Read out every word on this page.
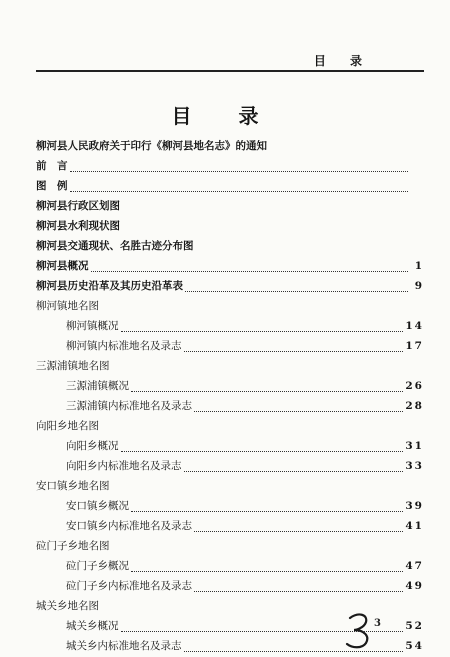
目 录
目 录
柳河县人民政府关于印行《柳河县地名志》的通知
前　言
图　例
柳河县行政区划图
柳河县水利现状图
柳河县交通现状、名胜古迹分布图
柳河县概况	1
柳河县历史沿革及其历史沿革表	9
柳河镇地名图
柳河镇概况	14
柳河镇内标准地名及录志	17
三源浦镇地名图
三源浦镇概况	26
三源浦镇内标准地名及录志	28
向阳乡地名图
向阳乡概况	31
向阳乡内标准地名及录志	33
安口镇乡地名图
安口镇乡概况	39
安口镇乡内标准地名及录志	41
砬门子乡地名图
砬门子乡概况	47
砬门子乡内标准地名及录志	49
城关乡地名图
城关乡概况	52
城关乡内标准地名及录志	54
3
